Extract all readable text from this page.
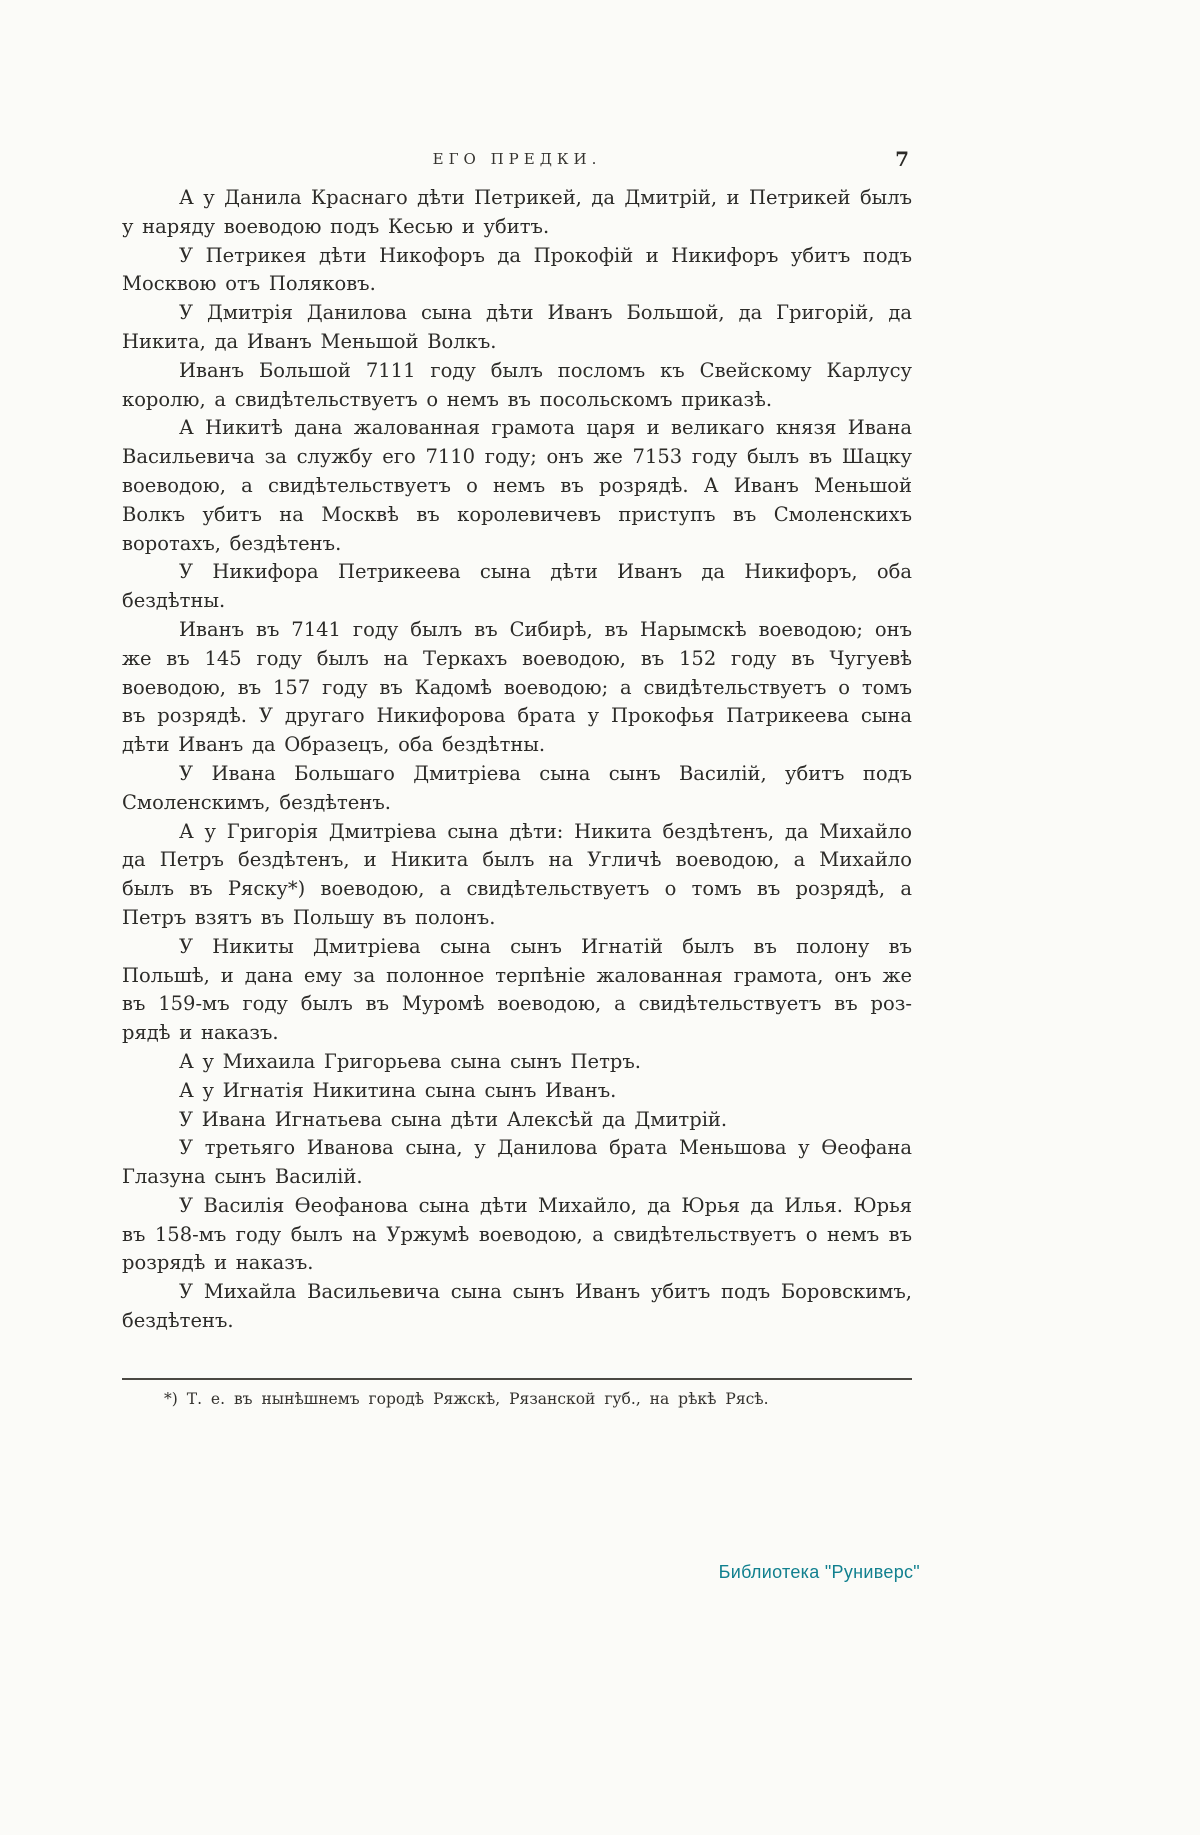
ЕГО ПРЕДКИ.	7

А у Данила Краснаго дѣти Петрикей, да Дмитрій, и Петрикей былъ у наряду воеводою подъ Кесью и убитъ.

У Петрикея дѣти Никофоръ да Прокофій и Никифоръ убитъ подъ Москвою отъ Поляковъ.

У Дмитрія Данилова сына дѣти Иванъ Большой, да Григорій, да Никита, да Иванъ Меньшой Волкъ.

Иванъ Большой 7111 году былъ посломъ къ Свейскому Карлусу королю, а свидѣтельствуетъ о немъ въ посольскомъ приказѣ.

А Никитѣ дана жалованная грамота царя и великаго князя Ивана Васильевича за службу его 7110 году; онъ же 7153 году былъ въ Шацку воеводою, а свидѣтельствуетъ о немъ въ розрядѣ. А Иванъ Меньшой Волкъ убитъ на Москвѣ въ королевичевъ приступъ въ Смоленскихъ воротахъ, бездѣтенъ.

У Никифора Петрикеева сына дѣти Иванъ да Никифоръ, оба бездѣтны.

Иванъ въ 7141 году былъ въ Сибирѣ, въ Нарымскѣ воеводою; онъ же въ 145 году былъ на Теркахъ воеводою, въ 152 году въ Чугуевѣ воеводою, въ 157 году въ Кадомѣ воеводою; а свидѣтельствуетъ о томъ въ розрядѣ. У другаго Никифорова брата у Прокофья Патрикеева сына дѣти Иванъ да Образецъ, оба бездѣтны.

У Ивана Большаго Дмитріева сына сынъ Василій, убитъ подъ Смоленскимъ, бездѣтенъ.

А у Григорія Дмитріева сына дѣти: Никита бездѣтенъ, да Михайло да Петръ бездѣтенъ, и Никита былъ на Угличѣ воеводою, а Михайло былъ въ Ряску*) воеводою, а свидѣтельствуетъ о томъ въ розрядѣ, а Петръ взятъ въ Польшу въ полонъ.

У Никиты Дмитріева сына сынъ Игнатій былъ въ полону въ Польшѣ, и дана ему за полонное терпѣніе жалованная грамота, онъ же въ 159-мъ году былъ въ Муромѣ воеводою, а свидѣтельствуетъ въ роз- рядѣ и наказъ.

А у Михаила Григорьева сына сынъ Петръ.

А у Игнатія Никитина сына сынъ Иванъ.

У Ивана Игнатьева сына дѣти Алексѣй да Дмитрій.

У третьяго Иванова сына, у Данилова брата Меньшова у Ѳеофана Глазуна сынъ Василій.

У Василія Ѳеофанова сына дѣти Михайло, да Юрья да Илья. Юрья въ 158-мъ году былъ на Уржумѣ воеводою, а свидѣтельствуетъ о немъ въ розрядѣ и наказъ.

У Михайла Васильевича сына сынъ Иванъ убитъ подъ Боровскимъ, бездѣтенъ.

*) Т. е. въ нынѣшнемъ городѣ Ряжскѣ, Рязанской губ., на рѣкѣ Рясѣ.

Библиотека "Руниверс"
